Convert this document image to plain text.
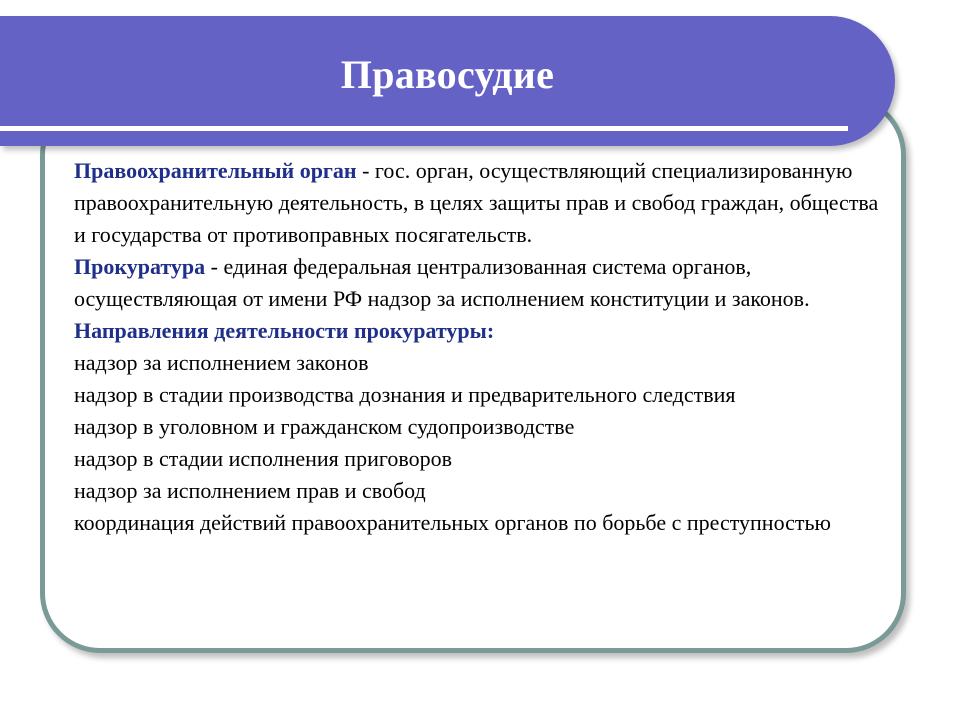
Правосудие

Правоохранительный орган - гос. орган, осуществляющий специализированную правоохранительную деятельность, в целях защиты прав и свобод граждан, общества и государства от противоправных посягательств.

Прокуратура - единая федеральная централизованная система органов, осуществляющая от имени РФ надзор за исполнением конституции и законов.

Направления деятельности прокуратуры:

надзор за исполнением законов

надзор в стадии производства дознания и предварительного следствия

надзор в уголовном и гражданском судопроизводстве

надзор в стадии исполнения приговоров

надзор за исполнением прав и свобод

координация действий правоохранительных органов по борьбе с преступностью
